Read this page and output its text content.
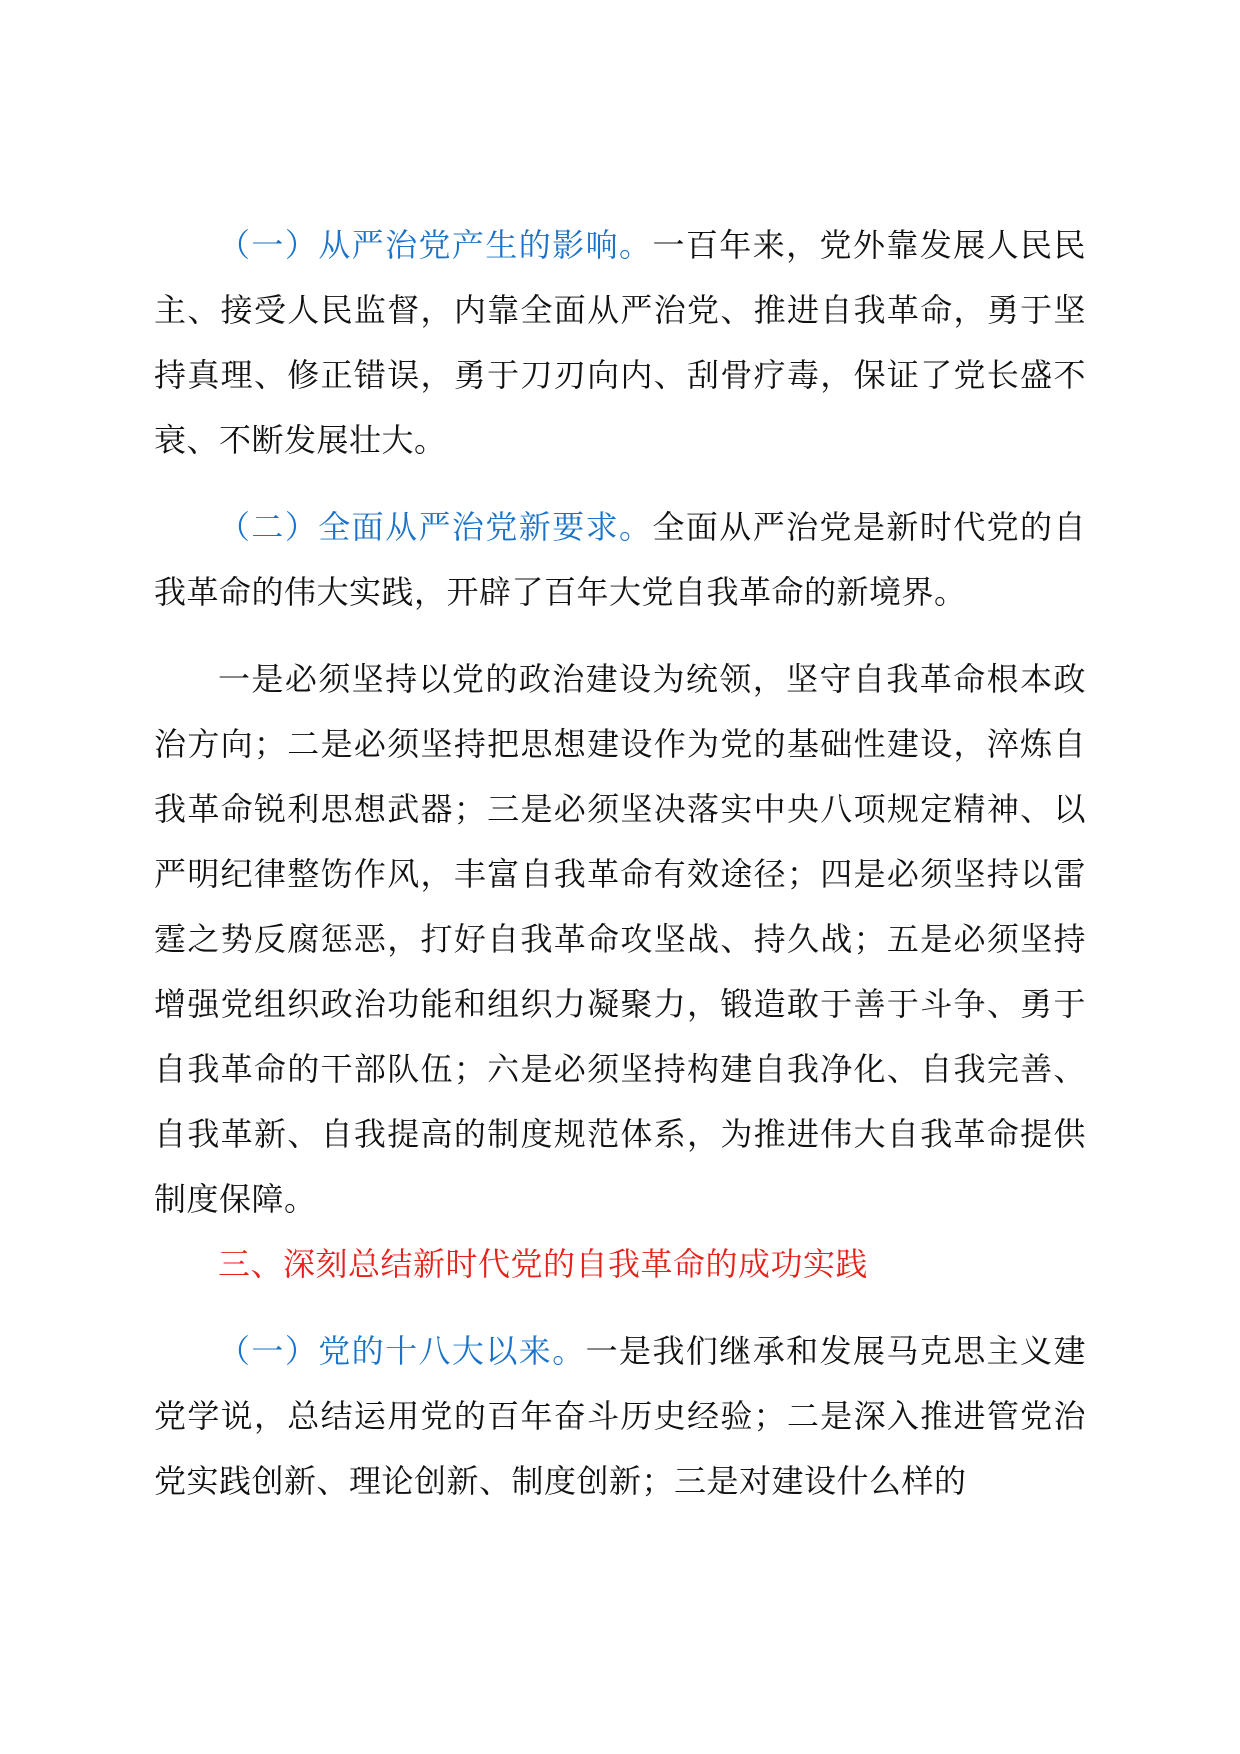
（一）从严治党产生的影响。一百年来，党外靠发展人民民主、接受人民监督，内靠全面从严治党、推进自我革命，勇于坚持真理、修正错误，勇于刀刃向内、刮骨疗毒，保证了党长盛不衰、不断发展壮大。

（二）全面从严治党新要求。全面从严治党是新时代党的自我革命的伟大实践，开辟了百年大党自我革命的新境界。

一是必须坚持以党的政治建设为统领，坚守自我革命根本政治方向；二是必须坚持把思想建设作为党的基础性建设，淬炼自我革命锐利思想武器；三是必须坚决落实中央八项规定精神、以严明纪律整饬作风，丰富自我革命有效途径；四是必须坚持以雷霆之势反腐惩恶，打好自我革命攻坚战、持久战；五是必须坚持增强党组织政治功能和组织力凝聚力，锻造敢于善于斗争、勇于自我革命的干部队伍；六是必须坚持构建自我净化、自我完善、自我革新、自我提高的制度规范体系，为推进伟大自我革命提供制度保障。

三、深刻总结新时代党的自我革命的成功实践

（一）党的十八大以来。一是我们继承和发展马克思主义建党学说，总结运用党的百年奋斗历史经验；二是深入推进管党治党实践创新、理论创新、制度创新；三是对建设什么样的
